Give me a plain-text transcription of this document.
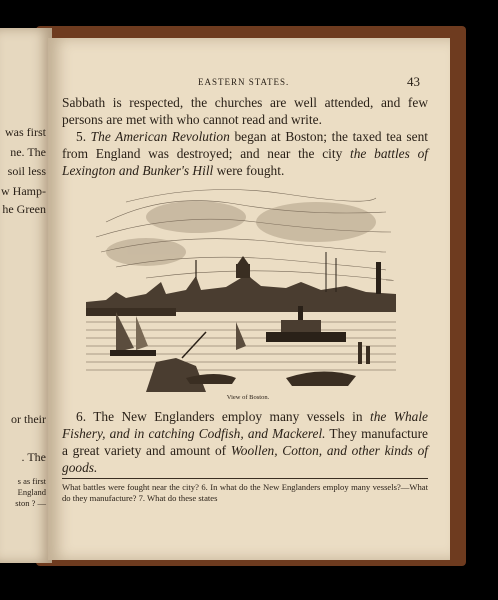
was first
ne. The
soil less
w Hamp-
he Green
or their
. The
s as first
England
ston ? —
EASTERN STATES.	43
Sabbath is respected, the churches are well attended, and few persons are met with who cannot read and write.
5. The American Revolution began at Boston; the taxed tea sent from England was destroyed; and near the city the battles of Lexington and Bunker's Hill were fought.
View of Boston.
6. The New Englanders employ many vessels in the Whale Fishery, and in catching Codfish, and Mackerel. They manufacture a great variety and amount of Woollen, Cotton, and other kinds of goods.
What battles were fought near the city? 6. In what do the New Englanders employ many vessels?—What do they manufacture? 7. What do these states
